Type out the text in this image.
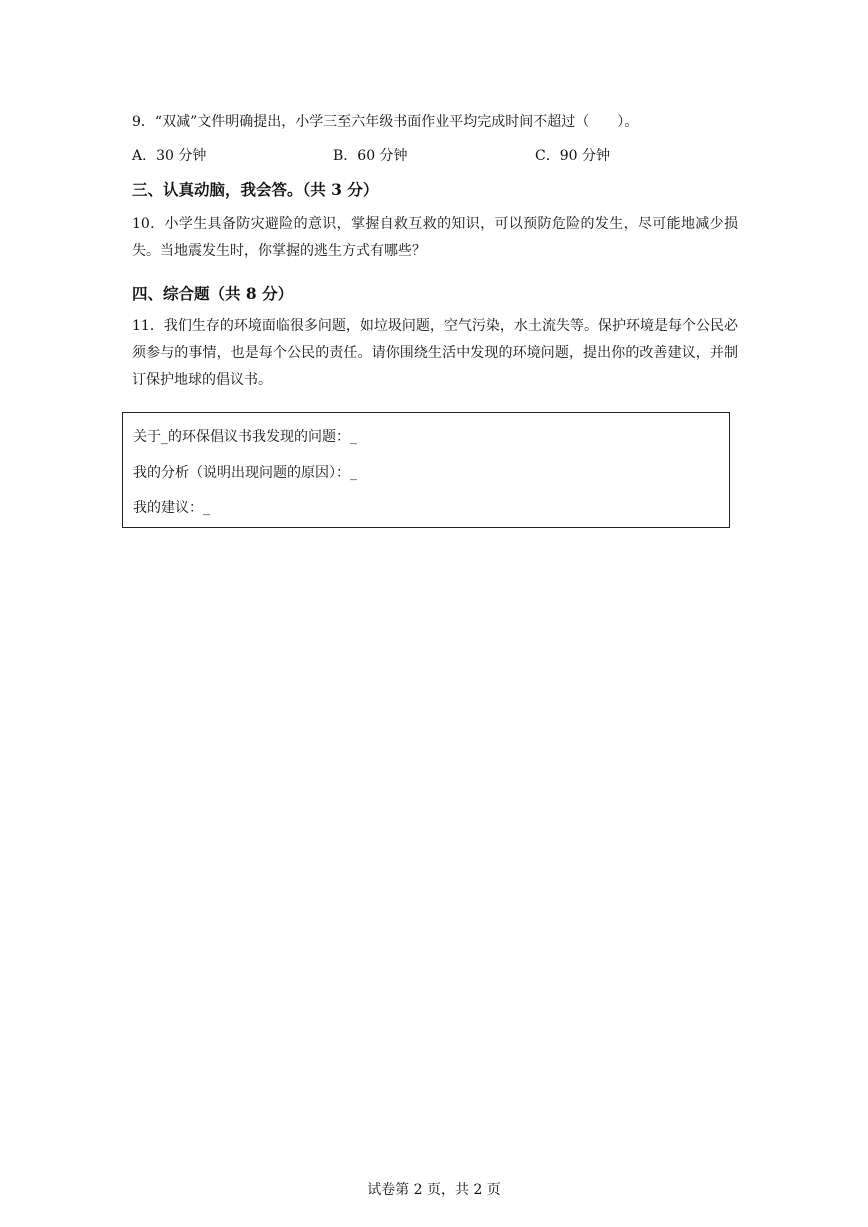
9．“双减”文件明确提出，小学三至六年级书面作业平均完成时间不超过（　　）。
A．30 分钟	B．60 分钟	C．90 分钟
三、认真动脑，我会答。（共 3 分）
10．小学生具备防灾避险的意识，掌握自救互救的知识，可以预防危险的发生，尽可能地减少损失。当地震发生时，你掌握的逃生方式有哪些？
四、综合题（共 8 分）
11．我们生存的环境面临很多问题，如垃圾问题，空气污染，水土流失等。保护环境是每个公民必须参与的事情，也是每个公民的责任。请你围绕生活中发现的环境问题，提出你的改善建议，并制订保护地球的倡议书。
关于_的环保倡议书我发现的问题：_
我的分析（说明出现问题的原因）：_
我的建议：_
试卷第 2 页，共 2 页
